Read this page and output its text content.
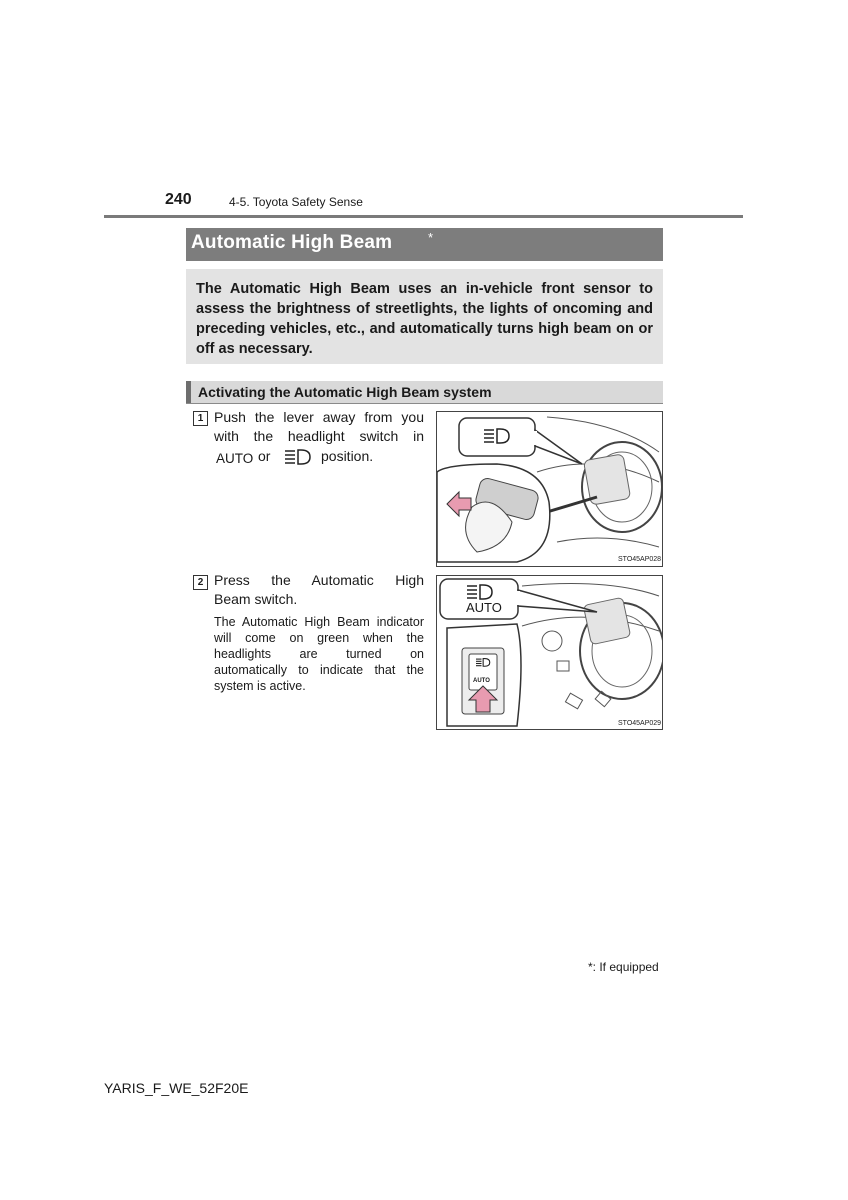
240	4-5. Toyota Safety Sense
Automatic High Beam	*
The Automatic High Beam uses an in-vehicle front sensor to assess the brightness of streetlights, the lights of oncoming and preceding vehicles, etc., and automatically turns high beam on or off as necessary.
Activating the Automatic High Beam system
1 Push the lever away from you
with the headlight switch in
AUTO or	position.
STO45AP028
2 Press the Automatic High
Beam switch.
The Automatic High Beam indicator will come on green when the headlights are turned on automatically to indicate that the system is active.
AUTO
AUTO
STO45AP029
*: If equipped
YARIS_F_WE_52F20E
